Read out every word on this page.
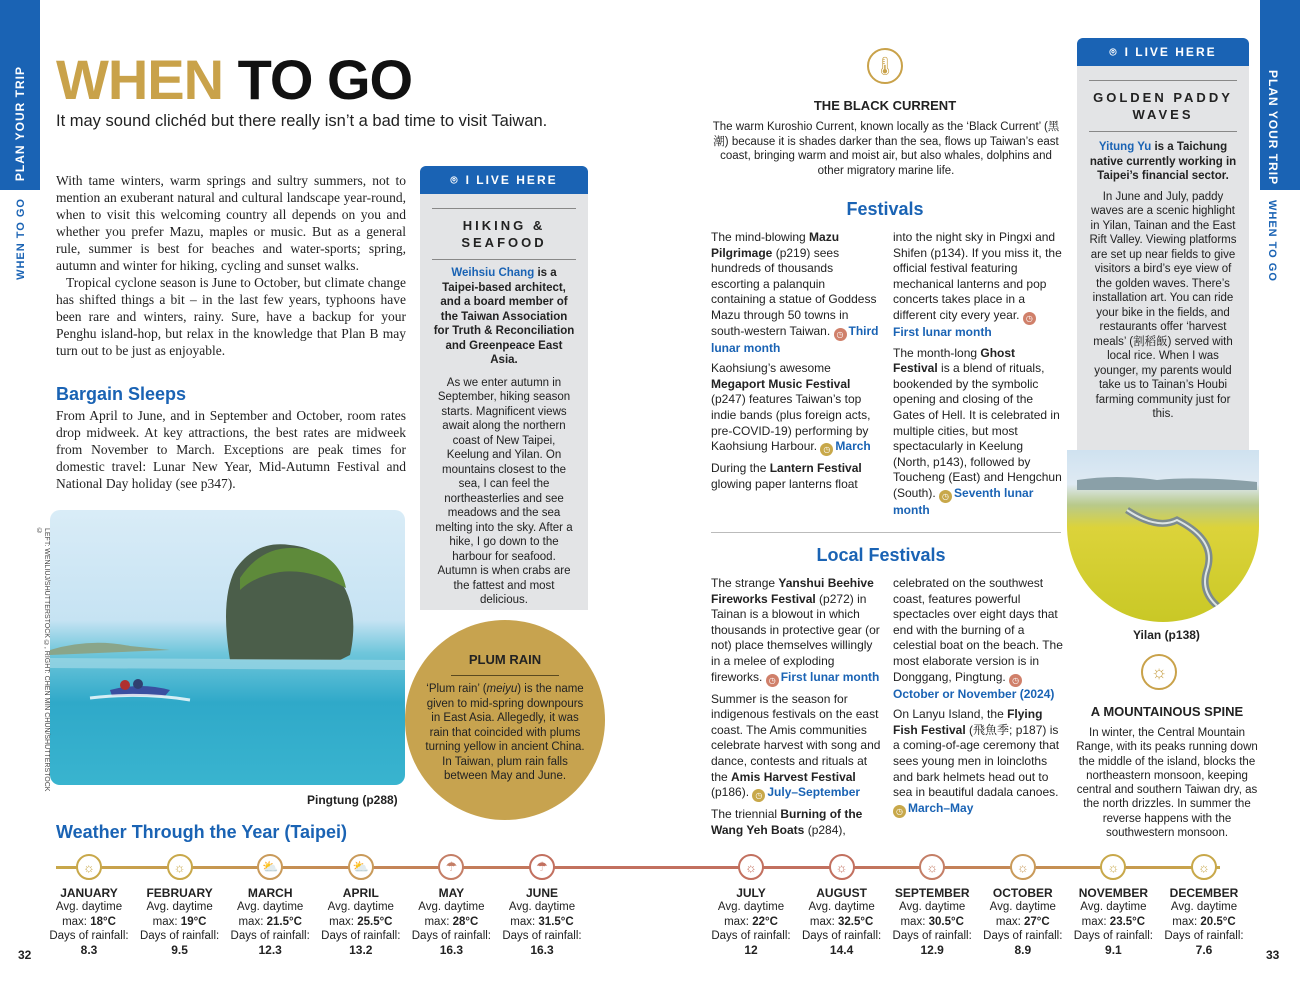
PLAN YOUR TRIP
WHEN TO GO
PLAN YOUR TRIP
WHEN TO GO
32	33
WHEN TO GO
It may sound clichéd but there really isn’t a bad time to visit Taiwan.

With tame winters, warm springs and sultry summers, not to mention an exuberant natural and cultural landscape year-round, when to visit this welcoming country all depends on you and whether you prefer Mazu, maples or music. But as a general rule, summer is best for beaches and water-sports; spring, autumn and winter for hiking, cycling and sunset walks.

Tropical cyclone season is June to October, but climate change has shifted things a bit – in the last few years, typhoons have been rare and winters, rainy. Sure, have a backup for your Penghu island-hop, but relax in the knowledge that Plan B may turn out to be just as enjoyable.

Bargain Sleeps
From April to June, and in September and October, room rates drop midweek. At key attractions, the best rates are midweek from November to March. Exceptions are peak times for domestic travel: Lunar New Year, Mid-Autumn Festival and National Day holiday (see p347).
⌾ I LIVE HERE
HIKING & SEAFOOD
Weihsiu Chang is a Taipei-based architect, and a board member of the Taiwan Association for Truth & Reconciliation and Greenpeace East Asia.
As we enter autumn in September, hiking season starts. Magnificent views await along the northern coast of New Taipei, Keelung and Yilan. On mountains closest to the sea, I can feel the northeasterlies and see meadows and the sea melting into the sky. After a hike, I go down to the harbour for seafood. Autumn is when crabs are the fattest and most delicious.
LEFT: WENLIUJ/SHUTTERSTOCK ©, RIGHT: CHEN MIN CHUN/SHUTTERSTOCK ©
Pingtung (p288)
PLUM RAIN
‘Plum rain’ (meiyu) is the name given to mid-spring downpours in East Asia. Allegedly, it was rain that coincided with plums turning yellow in ancient China. In Taiwan, plum rain falls between May and June.
🌡
THE BLACK CURRENT
The warm Kuroshio Current, known locally as the ‘Black Current’ (黑潮) because it is shades darker than the sea, flows up Taiwan’s east coast, bringing warm and moist air, but also whales, dolphins and other migratory marine life.
Festivals

The mind-blowing Mazu Pilgrimage (p219) sees hundreds of thousands escorting a palanquin containing a statue of Goddess Mazu through 50 towns in south-western Taiwan. ◷ Third lunar month

Kaohsiung’s awesome Megaport Music Festival (p247) features Taiwan’s top indie bands (plus foreign acts, pre-COVID-19) performing by Kaohsiung Harbour. ◷ March

During the Lantern Festival glowing paper lanterns float

into the night sky in Pingxi and Shifen (p134). If you miss it, the official festival featuring mechanical lanterns and pop concerts takes place in a different city every year. ◷First lunar month

The month-long Ghost Festival is a blend of rituals, bookended by the symbolic opening and closing of the Gates of Hell. It is celebrated in multiple cities, but most spectacularly in Keelung (North, p143), followed by Toucheng (East) and Hengchun (South). ◷ Seventh lunar month

Local Festivals

The strange Yanshui Beehive Fireworks Festival (p272) in Tainan is a blowout in which thousands in protective gear (or not) place themselves willingly in a melee of exploding fireworks. ◷ First lunar month

Summer is the season for indigenous festivals on the east coast. The Amis communities celebrate harvest with song and dance, contests and rituals at the Amis Harvest Festival (p186). ◷ July–September

The triennial Burning of the Wang Yeh Boats (p284),

celebrated on the southwest coast, features powerful spectacles over eight days that end with the burning of a celestial boat on the beach. The most elaborate version is in Donggang, Pingtung. ◷October or November (2024)

On Lanyu Island, the Flying Fish Festival (飛魚季; p187) is a coming-of-age ceremony that sees young men in loincloths and bark helmets head out to sea in beautiful dadala canoes. ◷ March–May

⌾ I LIVE HERE
GOLDEN PADDY WAVES
Yitung Yu is a Taichung native currently working in Taipei’s financial sector.
In June and July, paddy waves are a scenic highlight in Yilan, Tainan and the East Rift Valley. Viewing platforms are set up near fields to give visitors a bird’s eye view of the golden waves. There’s installation art. You can ride your bike in the fields, and restaurants offer ‘harvest meals’ (割稻飯) served with local rice. When I was younger, my parents would take us to Tainan’s Houbi farming community just for this.
Yilan (p138)
☼
A MOUNTAINOUS SPINE
In winter, the Central Mountain Range, with its peaks running down the middle of the island, blocks the northeastern monsoon, keeping central and southern Taiwan dry, as the north drizzles. In summer the reverse happens with the southwestern monsoon.
Weather Through the Year (Taipei)
☼
JANUARY
Avg. daytime
max: 18°C
Days of rainfall:
8.3
☼
FEBRUARY
Avg. daytime
max: 19°C
Days of rainfall:
9.5
⛅
MARCH
Avg. daytime
max: 21.5°C
Days of rainfall:
12.3
⛅
APRIL
Avg. daytime
max: 25.5°C
Days of rainfall:
13.2
☂
MAY
Avg. daytime
max: 28°C
Days of rainfall:
16.3
☂
JUNE
Avg. daytime
max: 31.5°C
Days of rainfall:
16.3
☼
JULY
Avg. daytime
max: 22°C
Days of rainfall:
12
☼
AUGUST
Avg. daytime
max: 32.5°C
Days of rainfall:
14.4
☼
SEPTEMBER
Avg. daytime
max: 30.5°C
Days of rainfall:
12.9
☼
OCTOBER
Avg. daytime
max: 27°C
Days of rainfall:
8.9
☼
NOVEMBER
Avg. daytime
max: 23.5°C
Days of rainfall:
9.1
☼
DECEMBER
Avg. daytime
max: 20.5°C
Days of rainfall:
7.6
